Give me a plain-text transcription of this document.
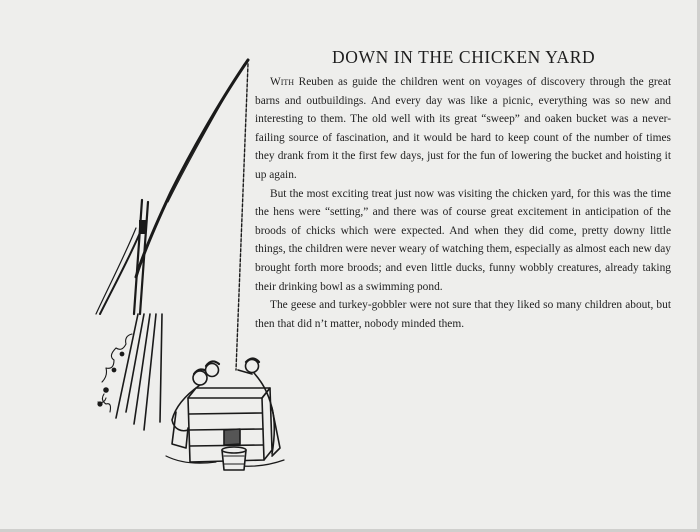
DOWN IN THE CHICKEN YARD

With Reuben as guide the children went on voyages of discovery through the great barns and outbuildings. And every day was like a picnic, everything was so new and interesting to them. The old well with its great “sweep” and oaken bucket was a never-failing source of fascination, and it would be hard to keep count of the number of times they drank from it the first few days, just for the fun of lowering the bucket and hoisting it up again.

But the most exciting treat just now was visiting the chicken yard, for this was the time the hens were “setting,” and there was of course great excitement in anticipation of the broods of chicks which were expected. And when they did come, pretty downy little things, the children were never weary of watching them, especially as almost each new day brought forth more broods; and even little ducks, funny wobbly creatures, already taking their drinking bowl as a swimming pond.

The geese and turkey-gobbler were not sure that they liked so many children about, but then that did n’t matter, nobody minded them.
